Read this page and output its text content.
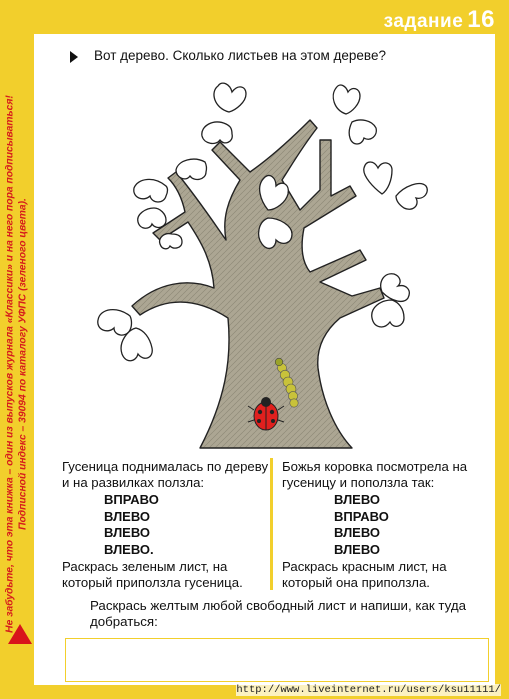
задание 16
Не забудьте, что эта книжка – один из выпусков журнала «Классики» и на него пора подписываться! Подписной индекс – 39094 по каталогу УФПС (зеленого цвета).
Вот дерево. Сколько листьев на этом дереве?
Гусеница поднималась по дереву
и на развилках ползла:
ВПРАВО
ВЛЕВО
ВЛЕВО
ВЛЕВО.
Раскрась зеленым лист, на
который приползла гусеница.
Божья коровка посмотрела на
гусеницу и поползла так:
ВЛЕВО
ВПРАВО
ВЛЕВО
ВЛЕВО
Раскрась красным лист, на
который она приползла.
Раскрась желтым любой свободный лист и напиши, как туда
добраться:
http://www.liveinternet.ru/users/ksu11111/
